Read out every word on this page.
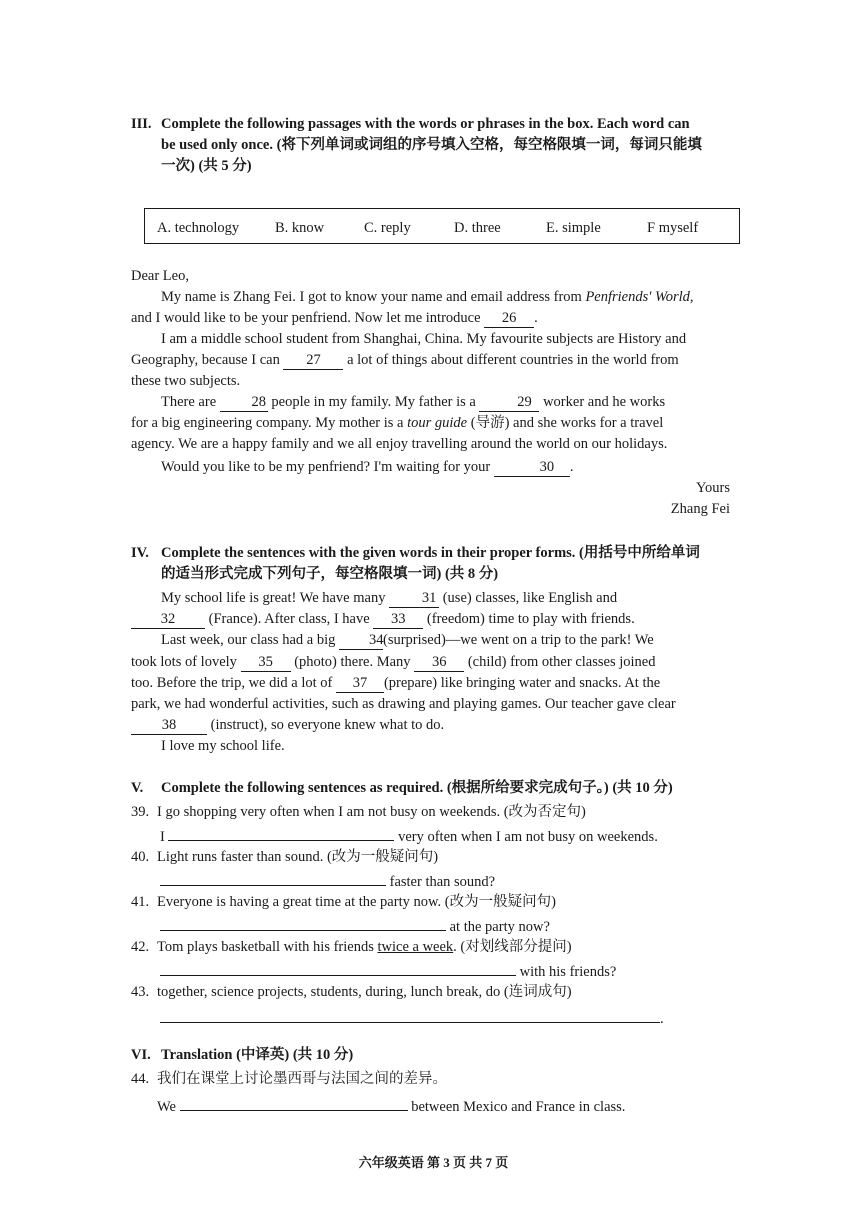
III. Complete the following passages with the words or phrases in the box. Each word can
be used only once. (将下列单词或词组的序号填入空格，每空格限填一词，每词只能填
一次) (共 5 分)
A. technology B. know	C. reply	D. three	E. simple	F myself
Dear Leo,
My name is Zhang Fei. I got to know your name and email address from Penfriends' World,
and I would like to be your penfriend. Now let me introduce 26 .
I am a middle school student from Shanghai, China. My favourite subjects are History and
Geography, because I can 27 a lot of things about different countries in the world from
these two subjects.
There are 28 people in my family. My father is a	29 worker and he works
for a big engineering company. My mother is a tour guide (导游) and she works for a travel
agency. We are a happy family and we all enjoy travelling around the world on our holidays.
Would you like to be my penfriend? I'm waiting for your	30 .
Yours
Zhang Fei
IV. Complete the sentences with the given words in their proper forms. (用括号中所给单词
的适当形式完成下列句子，每空格限填一词) (共 8 分)
My school life is great! We have many 31 (use) classes, like English and
32 (France). After class, I have 33 (freedom) time to play with friends.
Last week, our class had a big 34(surprised)—we went on a trip to the park! We
took lots of lovely 35 (photo) there. Many 36 (child) from other classes joined
too. Before the trip, we did a lot of 37 (prepare) like bringing water and snacks. At the
park, we had wonderful activities, such as drawing and playing games. Our teacher gave clear
38 (instruct), so everyone knew what to do.
I love my school life.
V. Complete the following sentences as required. (根据所给要求完成句子。) (共 10 分)
39. I go shopping very often when I am not busy on weekends. (改为否定句)
I	very often when I am not busy on weekends.
40. Light runs faster than sound. (改为一般疑问句)
faster than sound?
41. Everyone is having a great time at the party now. (改为一般疑问句)
at the party now?
42. Tom plays basketball with his friends twice a week. (对划线部分提问)
with his friends?
43. together, science projects, students, during, lunch break, do (连词成句)
.
VI. Translation (中译英) (共 10 分)
44. 我们在课堂上讨论墨西哥与法国之间的差异。
We	between Mexico and France in class.
六年级英语 第 3 页 共 7 页
